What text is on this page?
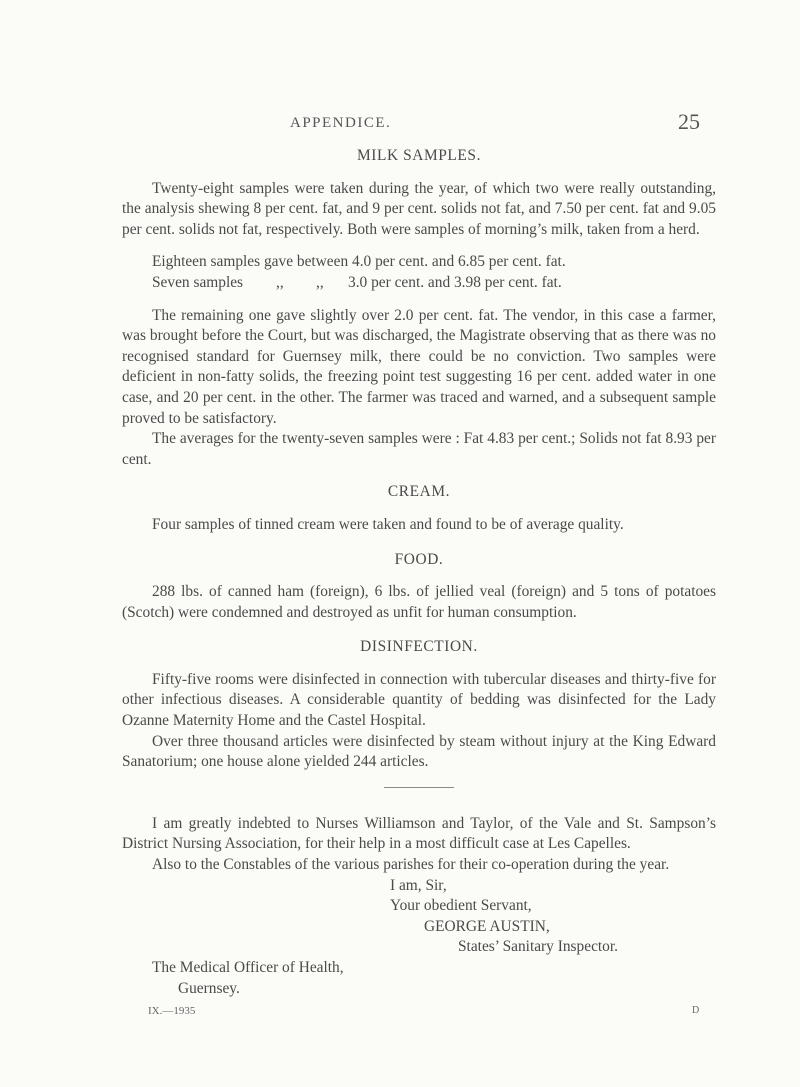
APPENDICE.	25
MILK SAMPLES.

Twenty-eight samples were taken during the year, of which two were really outstanding, the analysis shewing 8 per cent. fat, and 9 per cent. solids not fat, and 7.50 per cent. fat and 9.05 per cent. solids not fat, respectively. Both were samples of morning’s milk, taken from a herd.

Eighteen samples gave between 4.0 per cent. and 6.85 per cent. fat.
Seven samples ,, ,, 3.0 per cent. and 3.98 per cent. fat.

The remaining one gave slightly over 2.0 per cent. fat. The vendor, in this case a farmer, was brought before the Court, but was discharged, the Magistrate observing that as there was no recognised standard for Guernsey milk, there could be no conviction. Two samples were deficient in non-fatty solids, the freezing point test suggesting 16 per cent. added water in one case, and 20 per cent. in the other. The farmer was traced and warned, and a subsequent sample proved to be satisfactory.

The averages for the twenty-seven samples were : Fat 4.83 per cent.; Solids not fat 8.93 per cent.

CREAM.

Four samples of tinned cream were taken and found to be of average quality.

FOOD.

288 lbs. of canned ham (foreign), 6 lbs. of jellied veal (foreign) and 5 tons of potatoes (Scotch) were condemned and destroyed as unfit for human consumption.

DISINFECTION.

Fifty-five rooms were disinfected in connection with tubercular diseases and thirty-five for other infectious diseases. A considerable quantity of bedding was disinfected for the Lady Ozanne Maternity Home and the Castel Hospital.

Over three thousand articles were disinfected by steam without injury at the King Edward Sanatorium; one house alone yielded 244 articles.

I am greatly indebted to Nurses Williamson and Taylor, of the Vale and St. Sampson’s District Nursing Association, for their help in a most difficult case at Les Capelles.

Also to the Constables of the various parishes for their co-operation during the year.

I am, Sir,
Your obedient Servant,
GEORGE AUSTIN,
States’ Sanitary Inspector.
The Medical Officer of Health,
Guernsey.
IX.—1935	D
